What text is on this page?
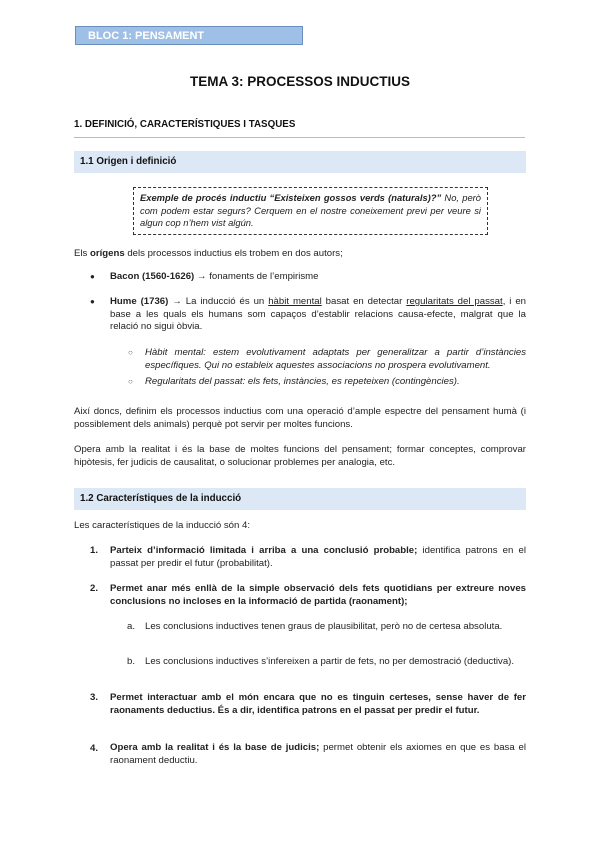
BLOC 1: PENSAMENT
TEMA 3: PROCESSOS INDUCTIUS
1. DEFINICIÓ, CARACTERÍSTIQUES I TASQUES
1.1 Origen i definició
Exemple de procés inductiu “Existeixen gossos verds (naturals)?” No, però com podem estar segurs? Cerquem en el nostre coneixement previ per veure si algun cop n’hem vist algún.
Els orígens dels processos inductius els trobem en dos autors;
● Bacon (1560-1626) → fonaments de l’empirisme
● Hume (1736) → La inducció és un hàbit mental basat en detectar regularitats del passat, i en base a les quals els humans som capaços d’establir relacions causa-efecte, malgrat que la relació no sigui òbvia.
○ Hàbit mental: estem evolutivament adaptats per generalitzar a partir d’instàncies específiques. Qui no estableix aquestes associacions no prospera evolutivament.
○ Regularitats del passat: els fets, instàncies, es repeteixen (contingències).
Així doncs, definim els processos inductius com una operació d’ample espectre del pensament humà (i possiblement dels animals) perquè pot servir per moltes funcions.
Opera amb la realitat i és la base de moltes funcions del pensament; formar conceptes, comprovar hipòtesis, fer judicis de causalitat, o solucionar problemes per analogia, etc.
1.2 Característiques de la inducció
Les característiques de la inducció són 4:
1. Parteix d’informació limitada i arriba a una conclusió probable; identifica patrons en el passat per predir el futur (probabilitat).
2. Permet anar més enllà de la simple observació dels fets quotidians per extreure noves conclusions no incloses en la informació de partida (raonament);
a. Les conclusions inductives tenen graus de plausibilitat, però no de certesa absoluta.
b. Les conclusions inductives s’infereixen a partir de fets, no per demostració (deductiva).
3. Permet interactuar amb el món encara que no es tinguin certeses, sense haver de fer raonaments deductius. És a dir, identifica patrons en el passat per predir el futur.
4. Opera amb la realitat i és la base de judicis; permet obtenir els axiomes en que es basa el raonament deductiu.
